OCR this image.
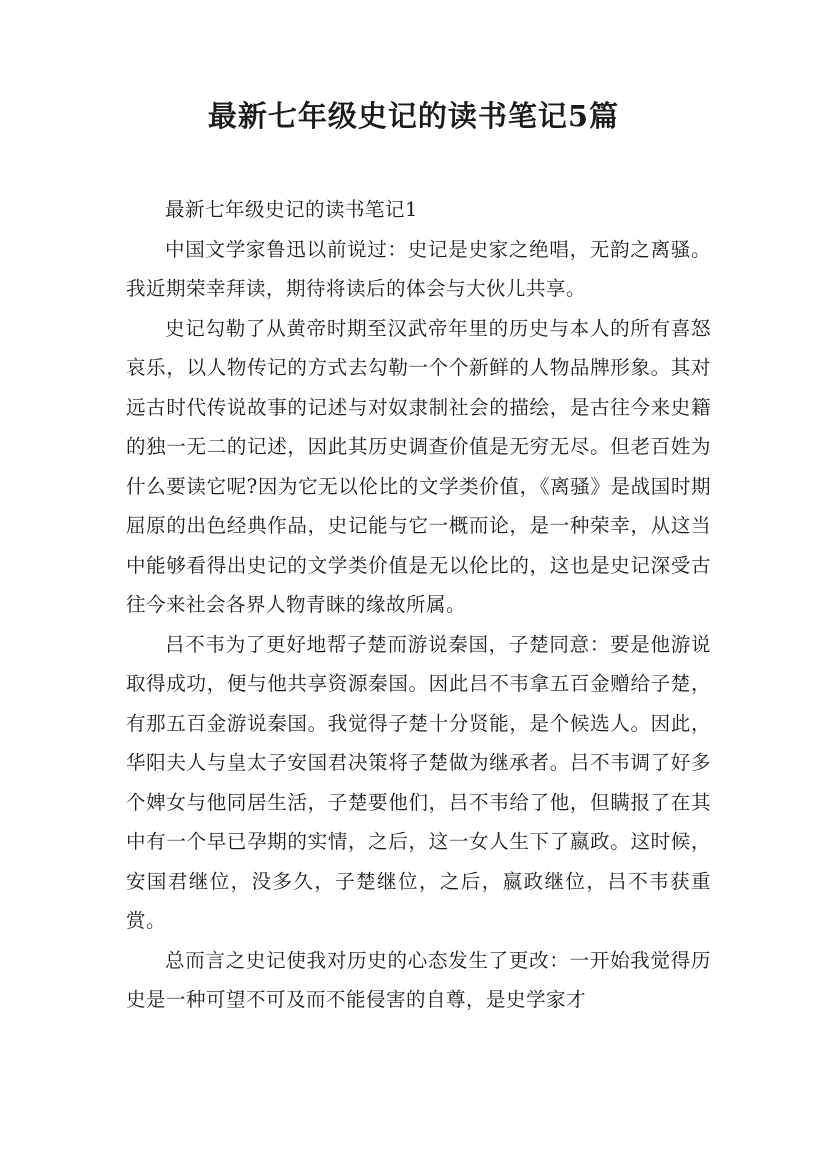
最新七年级史记的读书笔记5篇

最新七年级史记的读书笔记1

中国文学家鲁迅以前说过：史记是史家之绝唱，无韵之离骚。我近期荣幸拜读，期待将读后的体会与大伙儿共享。

史记勾勒了从黄帝时期至汉武帝年里的历史与本人的所有喜怒哀乐，以人物传记的方式去勾勒一个个新鲜的人物品牌形象。其对远古时代传说故事的记述与对奴隶制社会的描绘，是古往今来史籍的独一无二的记述，因此其历史调查价值是无穷无尽。但老百姓为什么要读它呢?因为它无以伦比的文学类价值，《离骚》是战国时期屈原的出色经典作品，史记能与它一概而论，是一种荣幸，从这当中能够看得出史记的文学类价值是无以伦比的，这也是史记深受古往今来社会各界人物青睐的缘故所属。

吕不韦为了更好地帮子楚而游说秦国，子楚同意：要是他游说取得成功，便与他共享资源秦国。因此吕不韦拿五百金赠给子楚，有那五百金游说秦国。我觉得子楚十分贤能，是个候选人。因此，华阳夫人与皇太子安国君决策将子楚做为继承者。吕不韦调了好多个婢女与他同居生活，子楚要他们，吕不韦给了他，但瞒报了在其中有一个早已孕期的实情，之后，这一女人生下了嬴政。这时候，安国君继位，没多久，子楚继位，之后，嬴政继位，吕不韦获重赏。

总而言之史记使我对历史的心态发生了更改：一开始我觉得历史是一种可望不可及而不能侵害的自尊，是史学家才
